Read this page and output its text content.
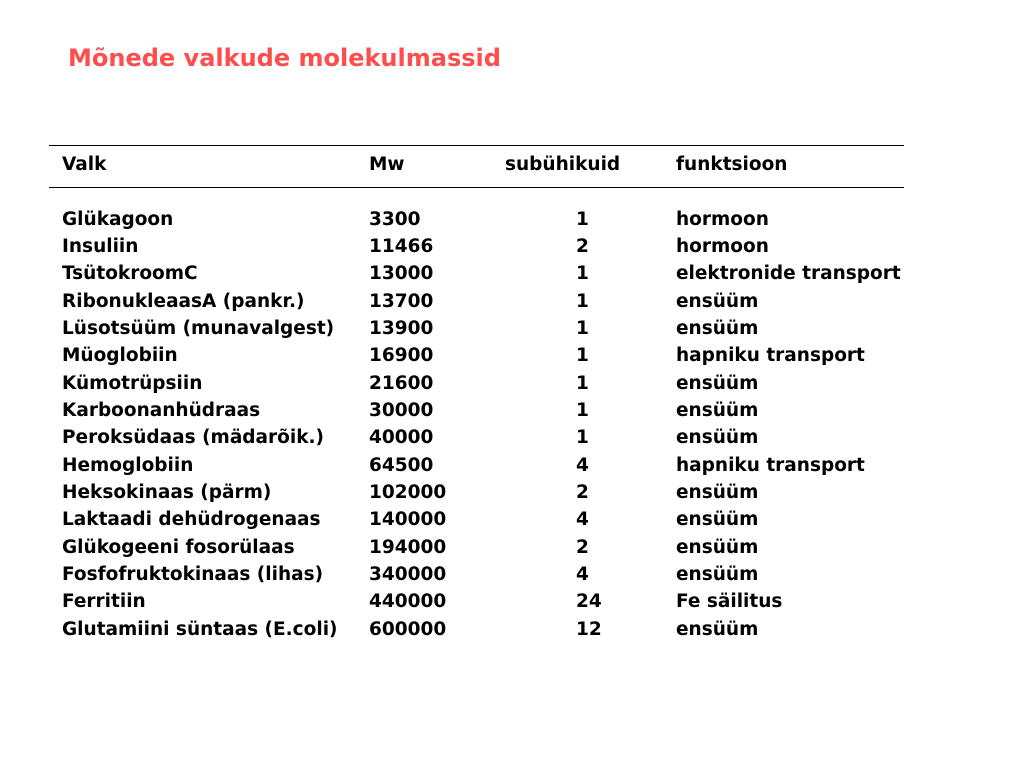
Mõnede valkude molekulmassid
Valk	Mw	subühikuid	funktsioon
Glükagoon	3300	1	hormoon
Insuliin	11466	2	hormoon
TsütokroomC	13000	1	elektronide transport
RibonukleaasA (pankr.)	13700	1	ensüüm
Lüsotsüüm (munavalgest) 13900	1	ensüüm
Müoglobiin	16900	1	hapniku transport
Kümotrüpsiin	21600	1	ensüüm
Karboonanhüdraas	30000	1	ensüüm
Peroksüdaas (mädarõik.) 40000	1	ensüüm
Hemoglobiin	64500	4	hapniku transport
Heksokinaas (pärm)	102000	2	ensüüm
Laktaadi dehüdrogenaas	140000	4	ensüüm
Glükogeeni fosorülaas	194000	2	ensüüm
Fosfofruktokinaas (lihas) 340000	4	ensüüm
Ferritiin	440000	24	Fe säilitus
Glutamiini süntaas (E.coli) 600000	12	ensüüm
